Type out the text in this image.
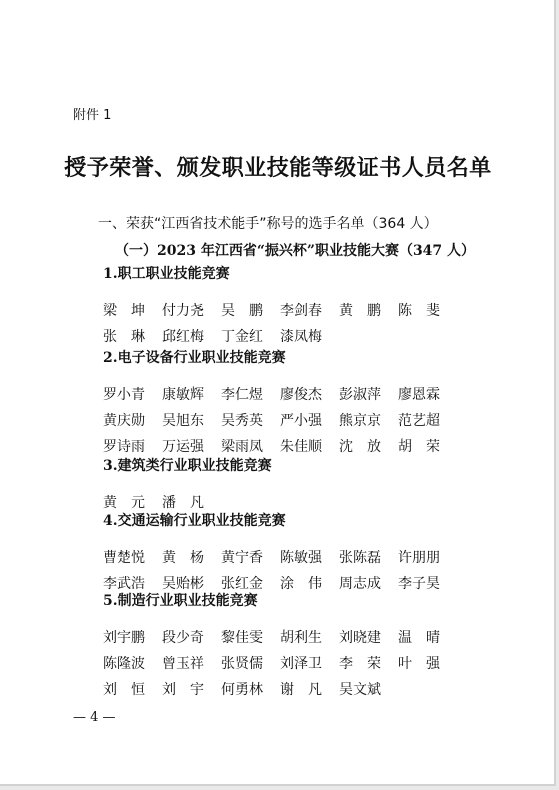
附件 1
授予荣誉、颁发职业技能等级证书人员名单
一、荣获“江西省技术能手”称号的选手名单（364 人）
（一）2023 年江西省“振兴杯”职业技能大赛（347 人）
1.职工职业技能竞赛
梁　坤	付力尧	吴　鹏	李剑春	黄　鹏	陈　斐
张　琳	邱红梅	丁金红	漆凤梅
2.电子设备行业职业技能竞赛
罗小青	康敏辉	李仁煜	廖俊杰	彭淑萍	廖恩霖
黄庆勋	吴旭东	吴秀英	严小强	熊京京	范艺超
罗诗雨	万运强	梁雨凤	朱佳顺	沈　放	胡　荣
3.建筑类行业职业技能竞赛
黄　元	潘　凡
4.交通运输行业职业技能竞赛
曹楚悦	黄　杨	黄宁香	陈敏强	张陈磊	许朋朋
李武浩	吴贻彬	张红金	涂　伟	周志成	李子昊
5.制造行业职业技能竞赛
刘宇鹏	段少奇	黎佳雯	胡利生	刘晓建	温　晴
陈隆波	曾玉祥	张贤儒	刘泽卫	李　荣	叶　强
刘　恒	刘　宇	何勇林	谢　凡	吴文斌
— 4 —
